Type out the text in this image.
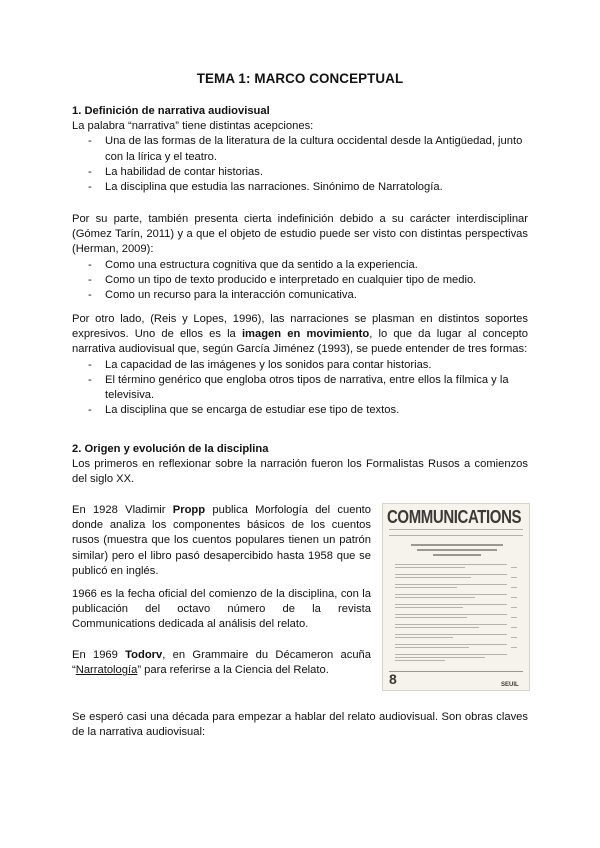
TEMA 1: MARCO CONCEPTUAL

1. Definición de narrativa audiovisual

La palabra “narrativa” tiene distintas acepciones:

- Una de las formas de la literatura de la cultura occidental desde la Antigüedad, junto
con la lírica y el teatro.
- La habilidad de contar historias.
- La disciplina que estudia las narraciones. Sinónimo de Narratología.

Por su parte, también presenta cierta indefinición debido a su carácter interdisciplinar (Gómez Tarín, 2011) y a que el objeto de estudio puede ser visto con distintas perspectivas (Herman, 2009):

- Como una estructura cognitiva que da sentido a la experiencia.
- Como un tipo de texto producido e interpretado en cualquier tipo de medio.
- Como un recurso para la interacción comunicativa.

Por otro lado, (Reis y Lopes, 1996), las narraciones se plasman en distintos soportes expresivos. Uno de ellos es la imagen en movimiento, lo que da lugar al concepto narrativa audiovisual que, según García Jiménez (1993), se puede entender de tres formas:

- La capacidad de las imágenes y los sonidos para contar historias.
- El término genérico que engloba otros tipos de narrativa, entre ellos la fílmica y la
televisiva.
- La disciplina que se encarga de estudiar ese tipo de textos.

2. Origen y evolución de la disciplina

Los primeros en reflexionar sobre la narración fueron los Formalistas Rusos a comienzos del siglo XX.

En 1928 Vladimir Propp publica Morfología del cuento donde analiza los componentes básicos de los cuentos rusos (muestra que los cuentos populares tienen un patrón similar) pero el libro pasó desapercibido hasta 1958 que se publicó en inglés.

1966 es la fecha oficial del comienzo de la disciplina, con la publicación del octavo número de la revista Communications dedicada al análisis del relato.

En 1969 Todorv, en Grammaire du Décameron acuña “Narratología” para referirse a la Ciencia del Relato.

Se esperó casi una década para empezar a hablar del relato audiovisual. Son obras claves de la narrativa audiovisual:

COMMUNICATIONS
8	SEUIL
